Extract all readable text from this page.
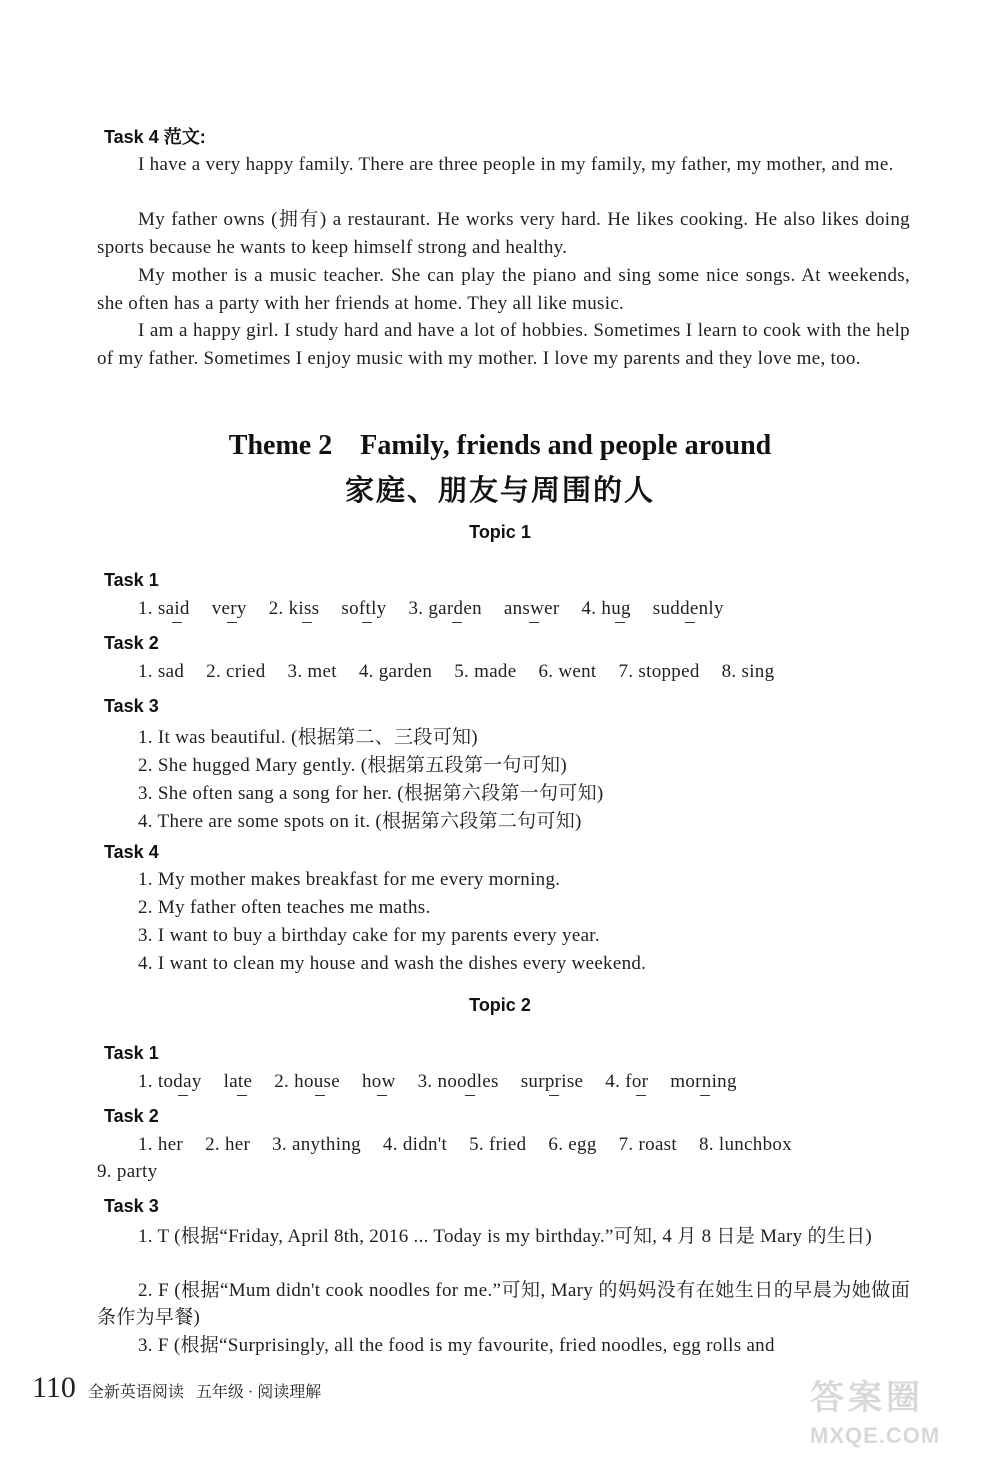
Task 4 范文:
I have a very happy family. There are three people in my family, my father, my mother, and me.
My father owns (拥有) a restaurant. He works very hard. He likes cooking. He also likes doing sports because he wants to keep himself strong and healthy.
My mother is a music teacher. She can play the piano and sing some nice songs. At weekends, she often has a party with her friends at home. They all like music.
I am a happy girl. I study hard and have a lot of hobbies. Sometimes I learn to cook with the help of my father. Sometimes I enjoy music with my mother. I love my parents and they love me, too.
Theme 2    Family, friends and people around
家庭、朋友与周围的人
Topic 1
Task 1
1. said very 2. kiss softly 3. garden answer 4. hug suddenly
Task 2
1. sad 2. cried 3. met 4. garden 5. made 6. went 7. stopped 8. sing
Task 3
1. It was beautiful. (根据第二、三段可知)
2. She hugged Mary gently. (根据第五段第一句可知)
3. She often sang a song for her. (根据第六段第一句可知)
4. There are some spots on it. (根据第六段第二句可知)
Task 4
1. My mother makes breakfast for me every morning.
2. My father often teaches me maths.
3. I want to buy a birthday cake for my parents every year.
4. I want to clean my house and wash the dishes every weekend.
Topic 2
Task 1
1. today late 2. house how 3. noodles surprise 4. for morning
Task 2
1. her 2. her 3. anything 4. didn't 5. fried 6. egg 7. roast 8. lunchbox
9. party
Task 3
1. T (根据“Friday, April 8th, 2016 ... Today is my birthday.”可知, 4 月 8 日是 Mary 的生日)
2. F (根据“Mum didn't cook noodles for me.”可知, Mary 的妈妈没有在她生日的早晨为她做面条作为早餐)
3. F (根据“Surprisingly, all the food is my favourite, fried noodles, egg rolls and
110 全新英语阅读   五年级 · 阅读理解	答案圈
MXQE.COM
